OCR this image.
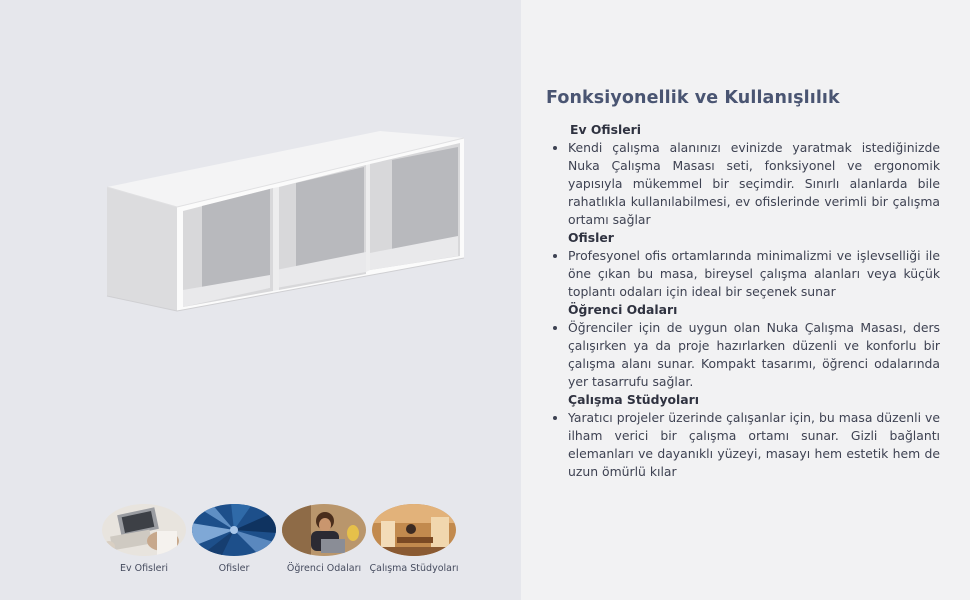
Ev Ofisleri	Ofisler	Öğrenci Odaları Çalışma Stüdyoları
Fonksiyonellik ve Kullanışlılık
Ev Ofisleri
Kendi çalışma alanınızı evinizde yaratmak istediğinizde Nuka Çalışma Masası seti, fonksiyonel ve ergonomik yapısıyla mükemmel bir seçimdir. Sınırlı alanlarda bile rahatlıkla kullanılabilmesi, ev ofislerinde verimli bir çalışma ortamı sağlar
Ofisler
Profesyonel ofis ortamlarında minimalizmi ve işlevselliği ile öne çıkan bu masa, bireysel çalışma alanları veya küçük toplantı odaları için ideal bir seçenek sunar
Öğrenci Odaları
Öğrenciler için de uygun olan Nuka Çalışma Masası, ders çalışırken ya da proje hazırlarken düzenli ve konforlu bir çalışma alanı sunar. Kompakt tasarımı, öğrenci odalarında yer tasarrufu sağlar.
Çalışma Stüdyoları
Yaratıcı projeler üzerinde çalışanlar için, bu masa düzenli ve ilham verici bir çalışma ortamı sunar. Gizli bağlantı elemanları ve dayanıklı yüzeyi, masayı hem estetik hem de uzun ömürlü kılar
